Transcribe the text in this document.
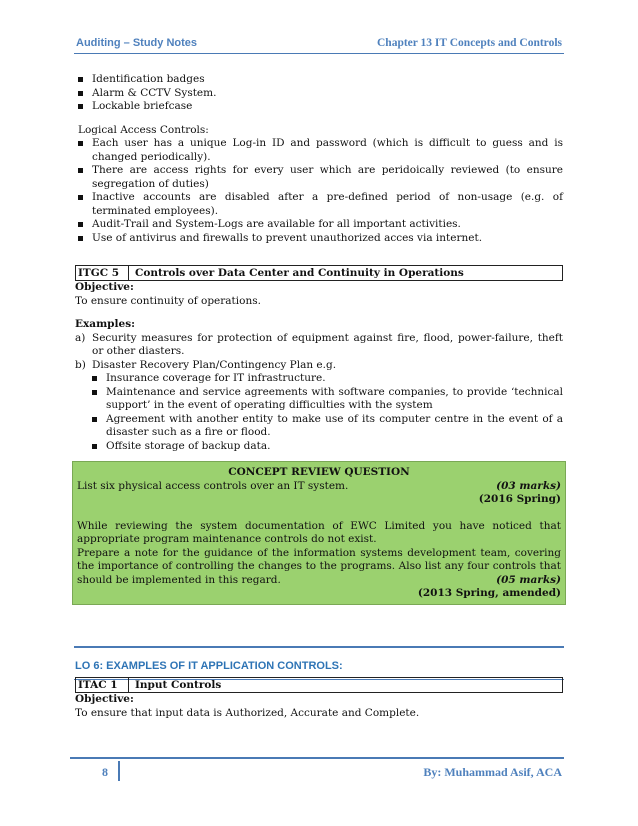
Auditing – Study Notes	Chapter 13 IT Concepts and Controls
Identification badges
Alarm & CCTV System.
Lockable briefcase
Logical Access Controls:
Each user has a unique Log-in ID and password (which is difficult to guess and is changed periodically).
There are access rights for every user which are peridoically reviewed (to ensure segregation of duties)
Inactive accounts are disabled after a pre-defined period of non-usage (e.g. of terminated employees).
Audit-Trail and System-Logs are available for all important activities.
Use of antivirus and firewalls to prevent unauthorized acces via internet.
ITGC 5	Controls over Data Center and Continuity in Operations
Objective:
To ensure continuity of operations.
Examples:
a) Security measures for protection of equipment against fire, flood, power-failure, theft or other diasters.
b) Disaster Recovery Plan/Contingency Plan e.g.
Insurance coverage for IT infrastructure.
Maintenance and service agreements with software companies, to provide ‘technical support’ in the event of operating difficulties with the system
Agreement with another entity to make use of its computer centre in the event of a disaster such as a fire or flood.
Offsite storage of backup data.
CONCEPT REVIEW QUESTION
List six physical access controls over an IT system.	(03 marks)
(2016 Spring)
While reviewing the system documentation of EWC Limited you have noticed that appropriate program maintenance controls do not exist.
Prepare a note for the guidance of the information systems development team, covering the importance of controlling the changes to the programs. Also list any four controls that should be implemented in this regard.	(05 marks)
(2013 Spring, amended)
LO 6: EXAMPLES OF IT APPLICATION CONTROLS:
ITAC 1	Input Controls
Objective:
To ensure that input data is Authorized, Accurate and Complete.
8	By: Muhammad Asif, ACA
